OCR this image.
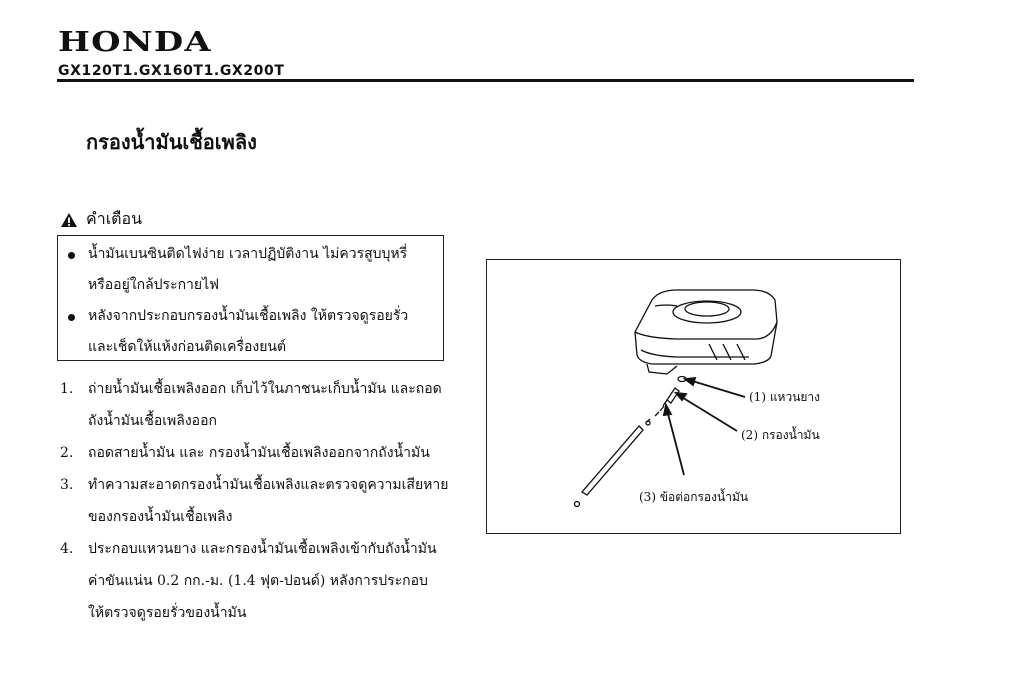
HONDA
GX120T1.GX160T1.GX200T
กรองน้ำมันเชื้อเพลิง
คำเตือน
น้ำมันเบนซินติดไฟง่าย เวลาปฏิบัติงาน ไม่ควรสูบบุหรี่
หรืออยู่ใกล้ประกายไฟ
หลังจากประกอบกรองน้ำมันเชื้อเพลิง ให้ตรวจดูรอยรั่ว
และเช็ดให้แห้งก่อนติดเครื่องยนต์
1.	ถ่ายน้ำมันเชื้อเพลิงออก เก็บไว้ในภาชนะเก็บน้ำมัน และถอด
ถังน้ำมันเชื้อเพลิงออก
2.	ถอดสายน้ำมัน และ กรองน้ำมันเชื้อเพลิงออกจากถังน้ำมัน
3.	ทำความสะอาดกรองน้ำมันเชื้อเพลิงและตรวจดูความเสียหาย
ของกรองน้ำมันเชื้อเพลิง
4.	ประกอบแหวนยาง และกรองน้ำมันเชื้อเพลิงเข้ากับถังน้ำมัน
ค่าขันแน่น 0.2 กก.-ม. (1.4 ฟุต-ปอนด์) หลังการประกอบ
ให้ตรวจดูรอยรั่วของน้ำมัน
(1) แหวนยาง
(2) กรองน้ำมัน
(3) ข้อต่อกรองน้ำมัน
